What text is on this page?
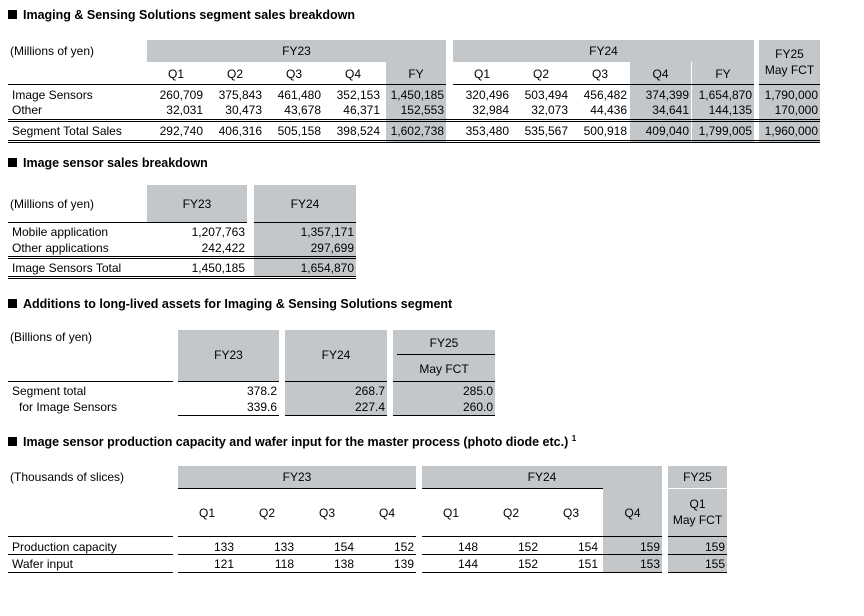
Imaging & Sensing Solutions segment sales breakdown
(Millions of yen)	FY23	FY24	FY25
May FCT
Q1	Q2	Q3	Q4	FY	Q1	Q2	Q3	Q4	FY
Image Sensors	260,709	375,843	461,480	352,153 1,450,185	320,496	503,494	456,482	374,399 1,654,870	1,790,000
Other	32,031	30,473	43,678	46,371	152,553	32,984	32,073	44,436	34,641	144,135	170,000
Segment Total Sales	292,740	406,316	505,158	398,524 1,602,738	353,480	535,567	500,918	409,040 1,799,005	1,960,000
Image sensor sales breakdown
(Millions of yen)	FY23	FY24
Mobile application	1,207,763	1,357,171
Other applications	242,422	297,699
Image Sensors Total	1,450,185	1,654,870
Additions to long-lived assets for Imaging & Sensing Solutions segment
(Billions of yen)
FY23	FY24
FY25
May FCT
Segment total	378.2	268.7	285.0
for Image Sensors	339.6	227.4	260.0
Image sensor production capacity and wafer input for the master process (photo diode etc.) $^1$
(Thousands of slices)	FY23	FY24	FY25
Q1	Q2	Q3	Q4	Q1	Q2	Q3	Q4
Q1
May FCT
Production capacity	133	133	154	152	148	152	154	159	159
Wafer input	121	118	138	139	144	152	151	153	155
